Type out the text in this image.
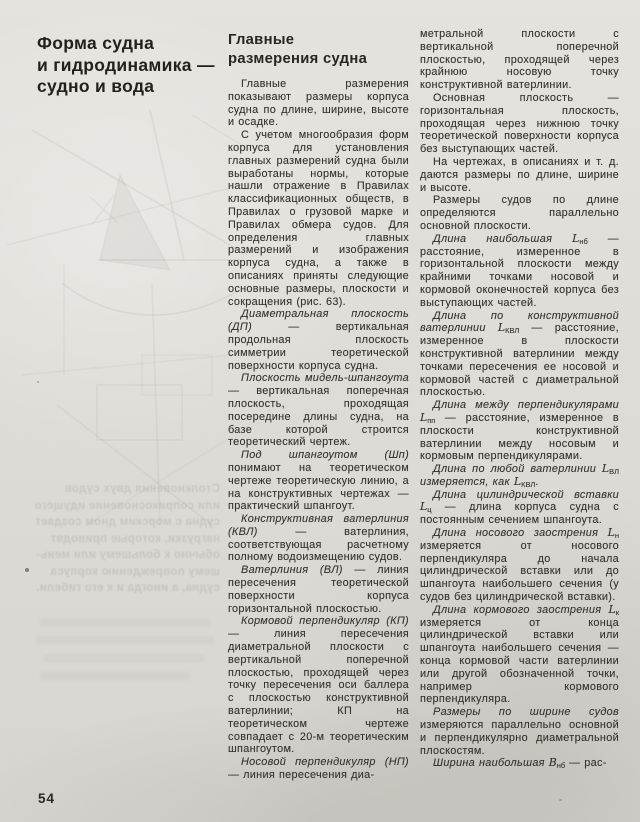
Столкновения двух судов
или соприкосновение идущего
судна с морским дном создает
нагрузки, которые приводят
обычно к большему или мень-
шему повреждению корпуса
судна, а иногда и к его гибели.
Форма судна
и гидродинамика —
судно и вода
Главные
размерения судна

Главные размерения показывают размеры корпуса судна по длине, ширине, высоте и осадке.

С учетом многообразия форм корпуса для установления главных размерений судна были выработаны нормы, которые нашли отражение в Правилах классификационных обществ, в Правилах о грузовой марке и Правилах обмера судов. Для определения главных размерений и изображения корпуса судна, а также в описаниях приняты следующие основные размеры, плоскости и сокращения (рис. 63).

Диаметральная плоскость (ДП) — вертикальная продольная плоскость симметрии теоретической поверхности корпуса судна.

Плоскость мидель-шпангоута — вертикальная поперечная плоскость, проходящая посередине длины судна, на базе которой строится теоретический чертеж.

Под шпангоутом (Шп) понимают на теоретическом чертеже теоретическую линию, а на конструктивных чертежах — практический шпангоут.

Конструктивная ватерлиния (КВЛ) — ватерлиния, соответствующая расчетному полному водоизмещению судов.

Ватерлиния (ВЛ) — линия пересечения теоретической поверхности корпуса горизонтальной плоскостью.

Кормовой перпендикуляр (КП) — линия пересечения диаметральной плоскости с вертикальной поперечной плоскостью, проходящей через точку пересечения оси баллера с плоскостью конструктивной ватерлинии; КП на теоретическом чертеже совпадает с 20-м теоретическим шпангоутом.

Носовой перпендикуляр (НП) — линия пересечения диа-

метральной плоскости с вертикальной поперечной плоскостью, проходящей через крайнюю носовую точку конструктивной ватерлинии.

Основная плоскость — горизонтальная плоскость, проходящая через нижнюю точку теоретической поверхности корпуса без выступающих частей.

На чертежах, в описаниях и т. д. даются размеры по длине, ширине и высоте.

Размеры судов по длине определяются параллельно основной плоскости.

Длина наибольшая $L_{нб}$ — расстояние, измеренное в горизонтальной плоскости между крайними точками носовой и кормовой оконечностей корпуса без выступающих частей.

Длина по конструктивной ватерлинии $L_{КВЛ}$ — расстояние, измеренное в плоскости конструктивной ватерлинии между точками пересечения ее носовой и кормовой частей с диаметральной плоскостью.

Длина между перпендикулярами $L_{пп}$ — расстояние, измеренное в плоскости конструктивной ватерлинии между носовым и кормовым перпендикулярами.

Длина по любой ватерлинии $L_{ВЛ}$ измеряется, как $L_{КВЛ}$.

Длина цилиндрической вставки $L_ц$ — длина корпуса судна с постоянным сечением шпангоута.

Длина носового заострения $L_н$ измеряется от носового перпендикуляра до начала цилиндрической вставки или до шпангоута наибольшего сечения (у судов без цилиндрической вставки).

Длина кормового заострения $L_к$ измеряется от конца цилиндрической вставки или шпангоута наибольшего сечения — конца кормовой части ватерлинии или другой обозначенной точки, например кормового перпендикуляра.

Размеры по ширине судов измеряются параллельно основной и перпендикулярно диаметральной плоскостям.

Ширина наибольшая $B_{нб}$ — рас-

54
